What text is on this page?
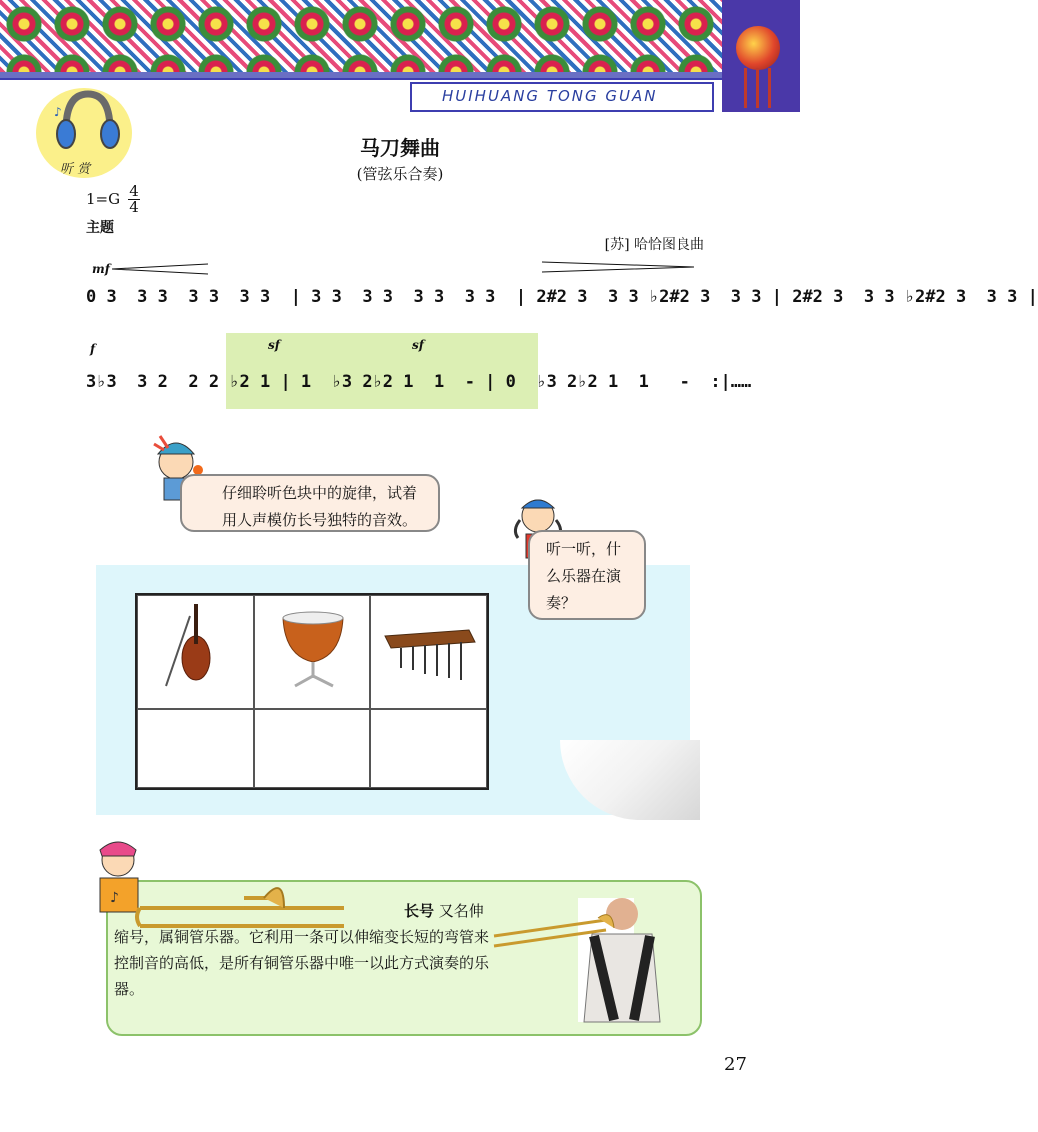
HUIHUANG TONG GUAN
♪
听 赏
马刀舞曲
(管弦乐合奏)
1=G 4
4
主题
[苏] 哈恰图良曲
mf
0 3  3 3  3 3  3 3  | 3 3  3 3  3 3  3 3  | 2#2 3  3 3 ♭2#2 3  3 3 | 2#2 3  3 3 ♭2#2 3  3 3 |
f	sf	sf
3♭3  3 2  2 2 ♭2 1 | 1  ♭3 2♭2 1  1  - | 0  ♭3 2♭2 1  1   -  :|……
仔细聆听色块中的旋律，试着用人声模仿长号独特的音效。
听一听，什么乐器在演奏？
♪
长号 又名伸缩号，属铜管乐器。它利用一条可以伸缩变长短的弯管来控制音的高低，是所有铜管乐器中唯一以此方式演奏的乐器。
27
